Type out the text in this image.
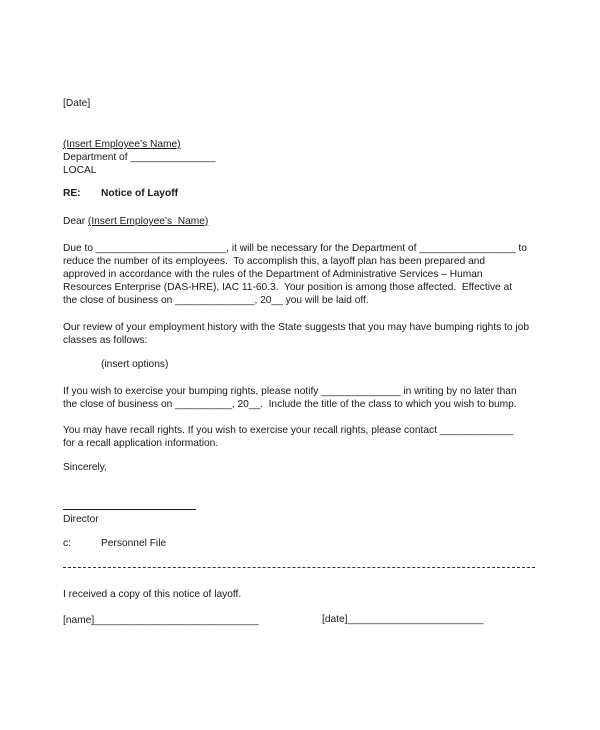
[Date]
(Insert Employee’s Name)
Department of _______________
LOCAL
RE: Notice of Layoff
Dear (Insert Employee’s  Name)
Due to _______________________, it will be necessary for the Department of _________________ to
reduce the number of its employees.  To accomplish this, a layoff plan has been prepared and
approved in accordance with the rules of the Department of Administrative Services – Human
Resources Enterprise (DAS-HRE), IAC 11-60.3.  Your position is among those affected.  Effective at
the close of business on ______________, 20__ you will be laid off.
Our review of your employment history with the State suggests that you may have bumping rights to job
classes as follows:
(insert options)
If you wish to exercise your bumping rights, please notify ______________ in writing by no later than
the close of business on __________, 20__.  Include the title of the class to which you wish to bump.
You may have recall rights. If you wish to exercise your recall rights, please contact _____________
for a recall application information.
Sincerely,
Director
c:	Personnel File
I received a copy of this notice of layoff.
[name]_____________________________	[date]________________________
